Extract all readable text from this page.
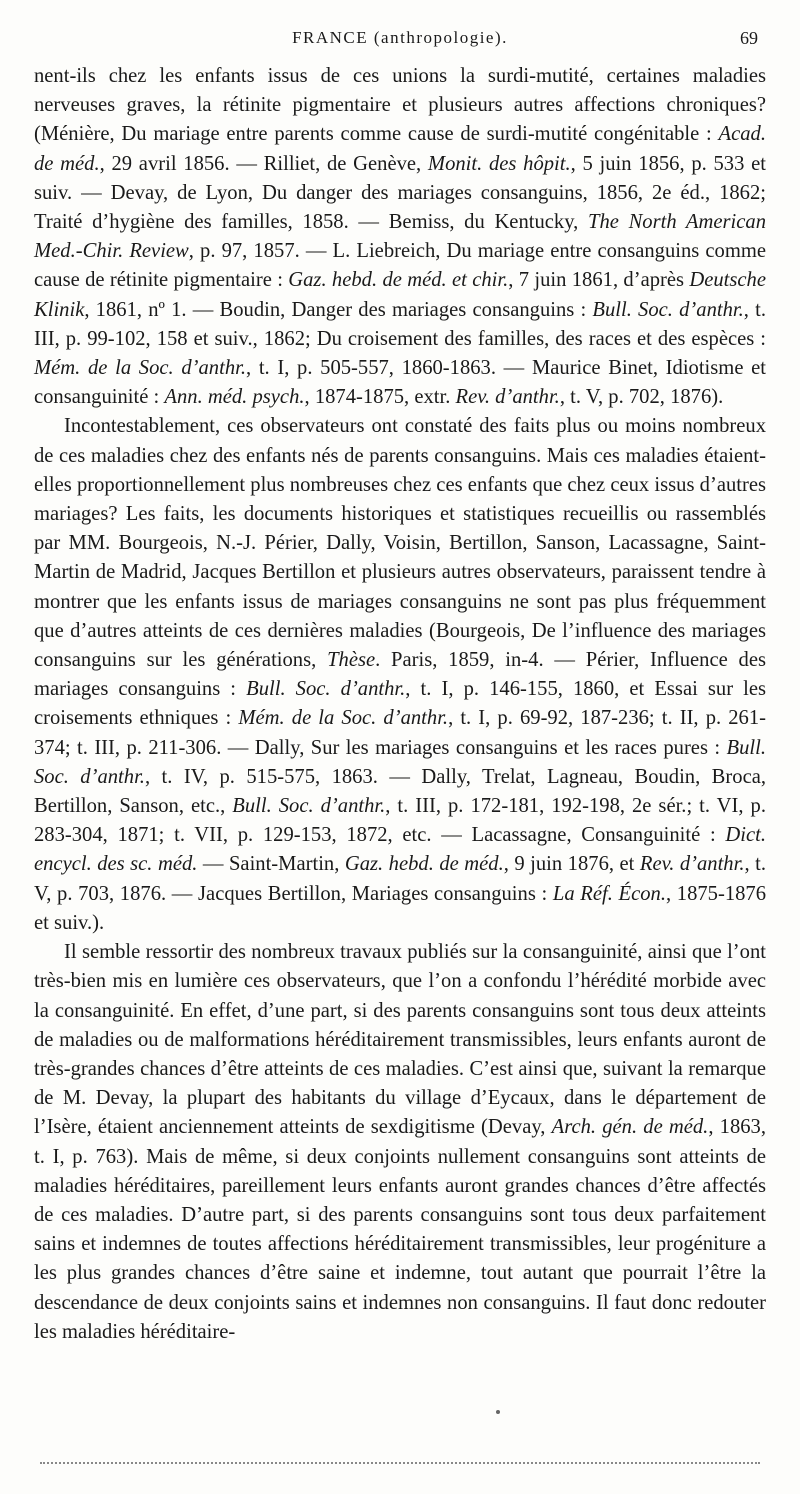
FRANCE (anthropologie).	69

nent-ils chez les enfants issus de ces unions la surdi-mutité, certaines maladies nerveuses graves, la rétinite pigmentaire et plusieurs autres affections chroniques? (Ménière, Du mariage entre parents comme cause de surdi-mutité congénitable : Acad. de méd., 29 avril 1856. — Rilliet, de Genève, Monit. des hôpit., 5 juin 1856, p. 533 et suiv. — Devay, de Lyon, Du danger des mariages consanguins, 1856, 2e éd., 1862; Traité d’hygiène des familles, 1858. — Bemiss, du Kentucky, The North American Med.-Chir. Review, p. 97, 1857. — L. Liebreich, Du mariage entre consanguins comme cause de rétinite pigmentaire : Gaz. hebd. de méd. et chir., 7 juin 1861, d’après Deutsche Klinik, 1861, nº 1. — Boudin, Danger des mariages consanguins : Bull. Soc. d’anthr., t. III, p. 99-102, 158 et suiv., 1862; Du croisement des familles, des races et des espèces : Mém. de la Soc. d’anthr., t. I, p. 505-557, 1860-1863. — Maurice Binet, Idiotisme et consanguinité : Ann. méd. psych., 1874-1875, extr. Rev. d’anthr., t. V, p. 702, 1876).

Incontestablement, ces observateurs ont constaté des faits plus ou moins nombreux de ces maladies chez des enfants nés de parents consanguins. Mais ces maladies étaient-elles proportionnellement plus nombreuses chez ces enfants que chez ceux issus d’autres mariages? Les faits, les documents historiques et statistiques recueillis ou rassemblés par MM. Bourgeois, N.-J. Périer, Dally, Voisin, Bertillon, Sanson, Lacassagne, Saint-Martin de Madrid, Jacques Bertillon et plusieurs autres observateurs, paraissent tendre à montrer que les enfants issus de mariages consanguins ne sont pas plus fréquemment que d’autres atteints de ces dernières maladies (Bourgeois, De l’influence des mariages consanguins sur les générations, Thèse. Paris, 1859, in-4. — Périer, Influence des mariages consanguins : Bull. Soc. d’anthr., t. I, p. 146-155, 1860, et Essai sur les croisements ethniques : Mém. de la Soc. d’anthr., t. I, p. 69-92, 187-236; t. II, p. 261-374; t. III, p. 211-306. — Dally, Sur les mariages consanguins et les races pures : Bull. Soc. d’anthr., t. IV, p. 515-575, 1863. — Dally, Trelat, Lagneau, Boudin, Broca, Bertillon, Sanson, etc., Bull. Soc. d’anthr., t. III, p. 172-181, 192-198, 2e sér.; t. VI, p. 283-304, 1871; t. VII, p. 129-153, 1872, etc. — Lacassagne, Consanguinité : Dict. encycl. des sc. méd. — Saint-Martin, Gaz. hebd. de méd., 9 juin 1876, et Rev. d’anthr., t. V, p. 703, 1876. — Jacques Bertillon, Mariages consanguins : La Réf. Écon., 1875-1876 et suiv.).

Il semble ressortir des nombreux travaux publiés sur la consanguinité, ainsi que l’ont très-bien mis en lumière ces observateurs, que l’on a confondu l’hérédité morbide avec la consanguinité. En effet, d’une part, si des parents consanguins sont tous deux atteints de maladies ou de malformations héréditairement transmissibles, leurs enfants auront de très-grandes chances d’être atteints de ces maladies. C’est ainsi que, suivant la remarque de M. Devay, la plupart des habitants du village d’Eycaux, dans le département de l’Isère, étaient anciennement atteints de sexdigitisme (Devay, Arch. gén. de méd., 1863, t. I, p. 763). Mais de même, si deux conjoints nullement consanguins sont atteints de maladies héréditaires, pareillement leurs enfants auront grandes chances d’être affectés de ces maladies. D’autre part, si des parents consanguins sont tous deux parfaitement sains et indemnes de toutes affections héréditairement transmissibles, leur progéniture a les plus grandes chances d’être saine et indemne, tout autant que pourrait l’être la descendance de deux conjoints sains et indemnes non consanguins. Il faut donc redouter les maladies héréditaire-
